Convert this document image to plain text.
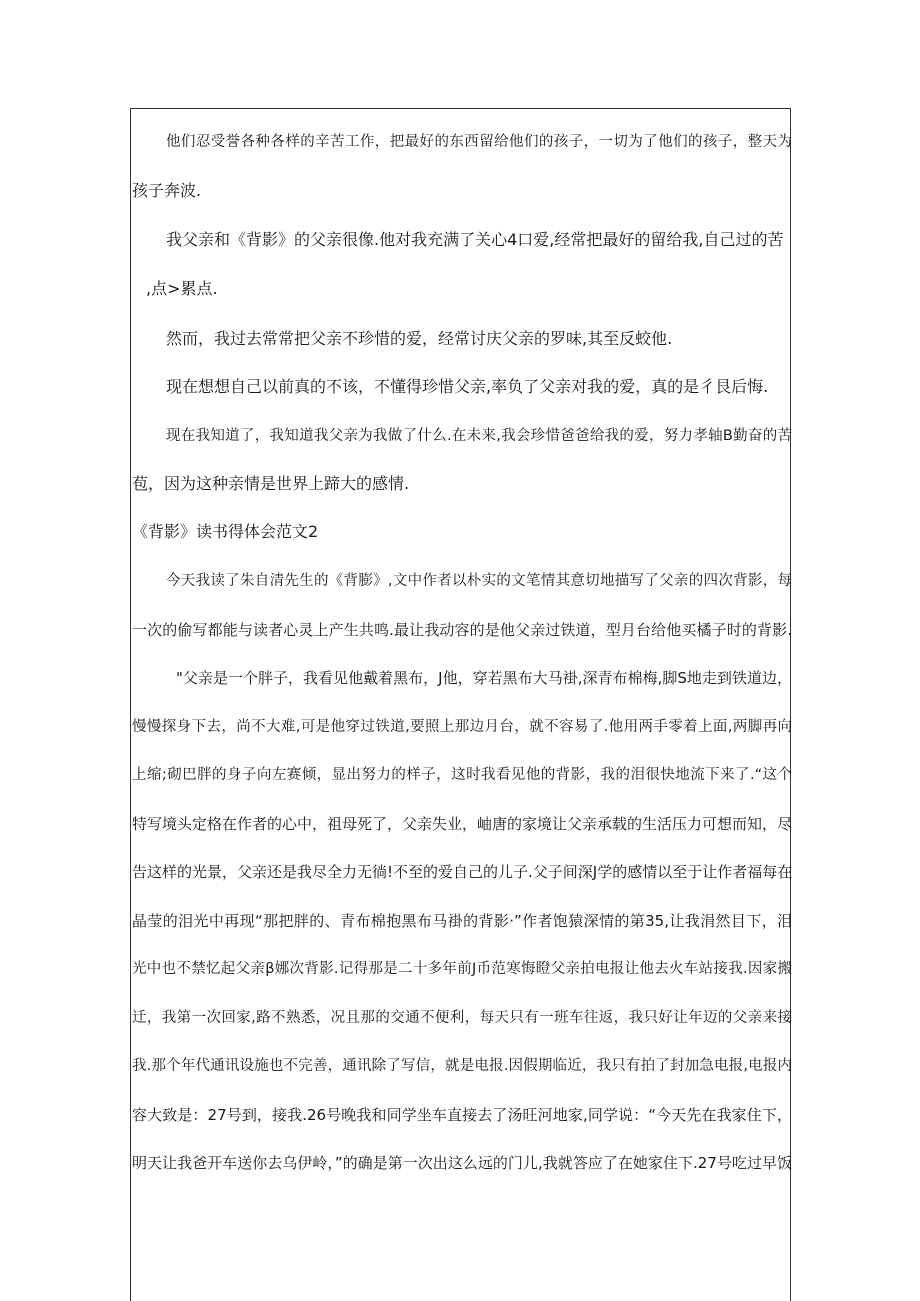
他们忍受誉各种各样的辛苦工作，把最好的东西留给他们的孩子，一切为了他们的孩子，整天为
孩子奔波.
我父亲和《背影》的父亲很像.他对我充满了关心4口爱,经常把最好的留给我,自己过的苦
,点>累点.
然而，我过去常常把父亲不珍惜的爱，经常讨庆父亲的罗味,其至反蛟他.
现在想想自己以前真的不该，不懂得珍惜父亲,率负了父亲对我的爱，真的是彳艮后悔.
现在我知道了，我知道我父亲为我做了什么.在未来,我会珍惜爸爸给我的爱，努力孝轴B勤奋的苦
苞，因为这种亲情是世界上蹄大的感情.
《背影》读书得体会范文2
今天我读了朱自清先生的《背膨》,文中作者以朴实的文笔情其意切地描写了父亲的四次背影，每
一次的偷写都能与读者心灵上产生共鸣.最让我动容的是他父亲过铁道，型月台给他买橘子时的背影.
"父亲是一个胖子，我看见他戴着黑布，J他，穿若黑布大马褂,深青布棉梅,脚S地走到铁道边，
慢慢探身下去，尚不大难,可是他穿过铁道,要照上那边月台，就不容易了.他用两手零着上面,两脚再向
上缩;砌巴胖的身子向左赛倾，显出努力的样子，这时我看见他的背影，我的泪很快地流下来了.“这个
特写境头定格在作者的心中，祖母死了，父亲失业，岫唐的家境让父亲承载的生活压力可想而知，尽
告这样的光景，父亲还是我尽全力无徜!不至的爱自己的儿子.父子间深J学的感情以至于让作者福每在
晶莹的泪光中再现“那把胖的、青布棉抱黑布马褂的背影·”作者饱猿深情的第35,让我涓然目下，泪
光中也不禁忆起父亲β娜次背影.记得那是二十多年前J币范寒悔瞪父亲拍电报让他去火车站接我.因家搬
迁，我第一次回家,路不熟悉，况且那的交通不便利，每天只有一班车往返，我只好让年迈的父亲来接
我.那个年代通讯设施也不完善，通讯除了写信，就是电报.因假期临近，我只有拍了封加急电报,电报内
容大致是：27号到，接我.26号晚我和同学坐车直接去了汤旺河地家,同学说：“今天先在我家住下，
明天让我爸开车送你去乌伊岭，”的确是第一次出这么远的门儿,我就答应了在她家住下.27号吃过早饭
